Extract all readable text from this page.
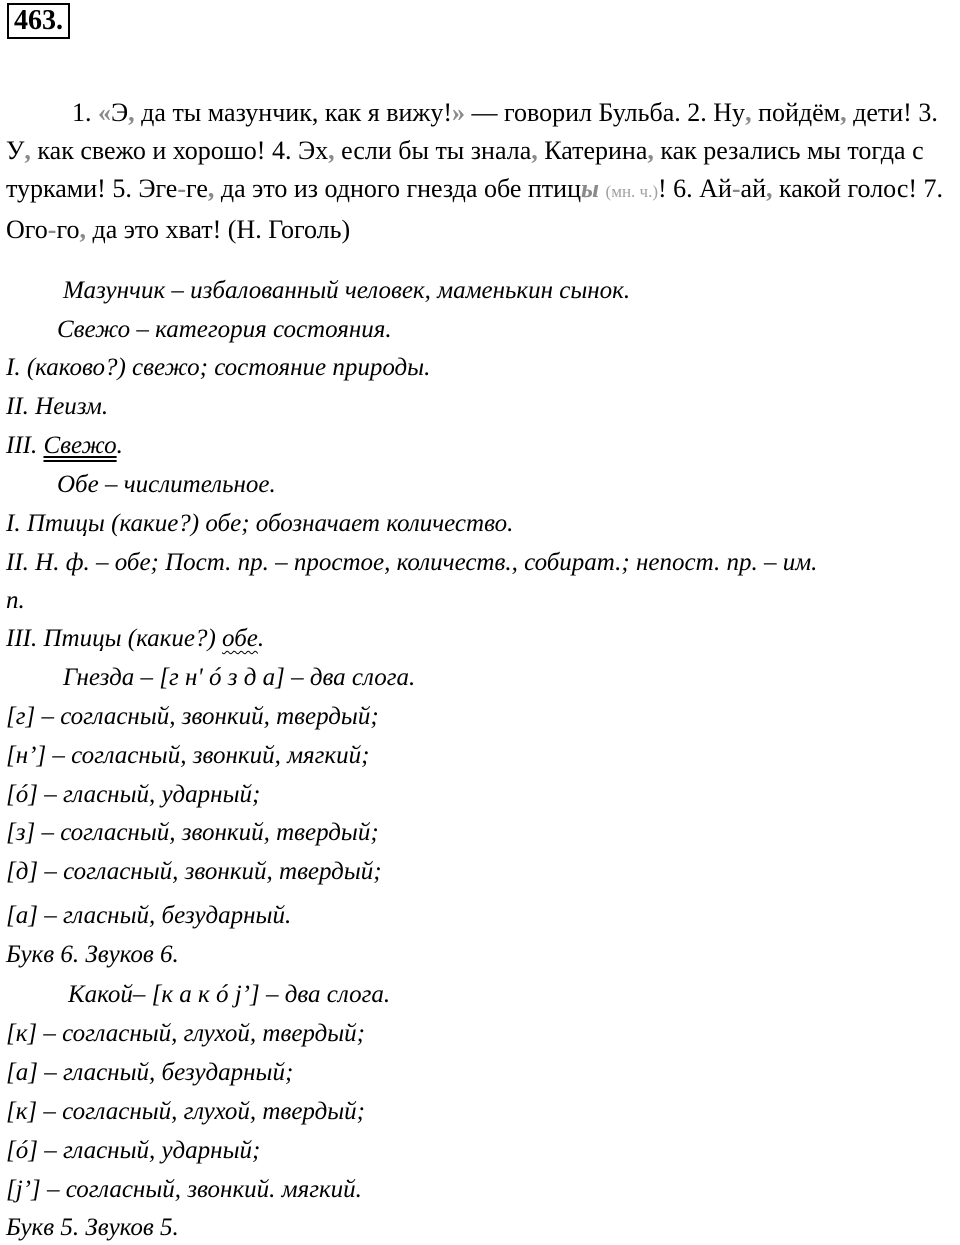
463.
1. «Э, да ты мазунчик, как я вижу!» — говорил Бульба. 2. Ну, пойдём, дети! 3. У, как свежо и хорошо! 4. Эх, если бы ты знала, Катерина, как резались мы тогда с турками! 5. Эге-ге, да это из одного гнезда обе птицы (мн. ч.)! 6. Ай-ай, какой голос! 7. Ого-го, да это хват! (Н. Гоголь)
Мазунчик – избалованный человек, маменькин сынок.
Свежо – категория состояния.
I. (каково?) свежо; состояние природы.
II. Неизм.
III. Свежо.
Обе – числительное.
I. Птицы (какие?) обе; обозначает количество.
II. Н. ф. – обе; Пост. пр. – простое, количеств., собират.; непост. пр. – им.
п.
III. Птицы (какие?) обе.
Гнезда – [г н' ó з д а] – два слога.
[г] – согласный, звонкий, твердый;
[н’] – согласный, звонкий, мягкий;
[ó] – гласный, ударный;
[з] – согласный, звонкий, твердый;
[д] – согласный, звонкий, твердый;
[а] – гласный, безударный.
Букв 6. Звуков 6.
Какой– [к а к ó j’] – два слога.
[к] – согласный, глухой, твердый;
[а] – гласный, безударный;
[к] – согласный, глухой, твердый;
[ó] – гласный, ударный;
[j’] – согласный, звонкий. мягкий.
Букв 5. Звуков 5.
